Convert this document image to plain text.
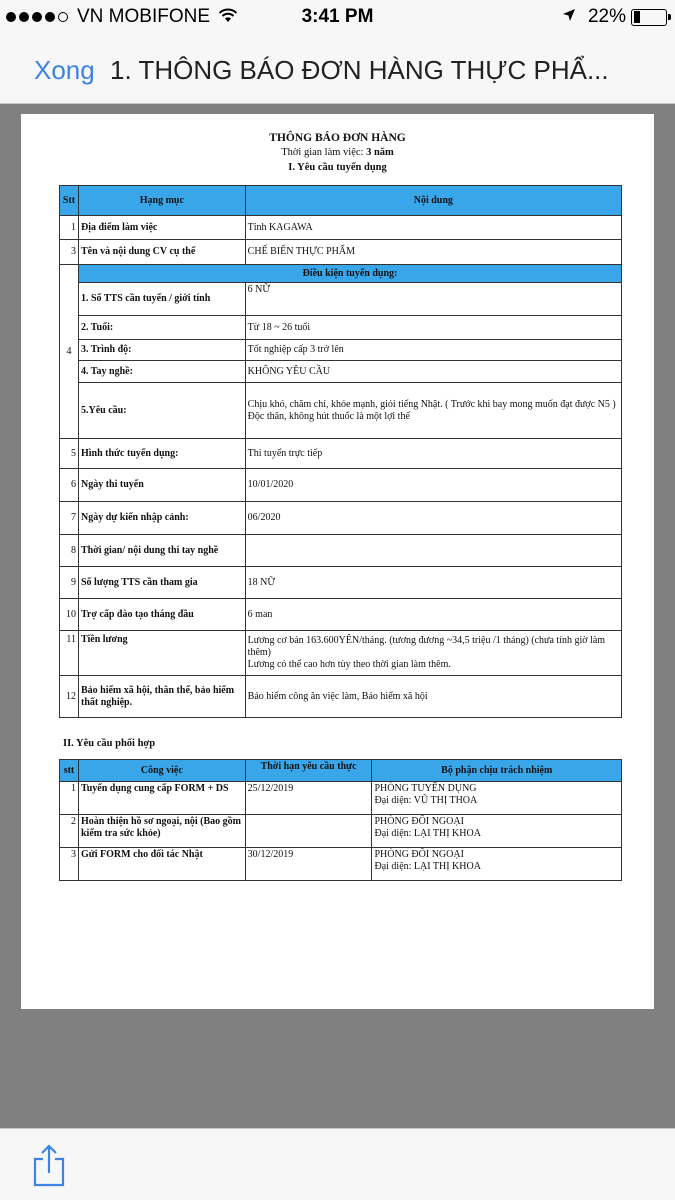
VN MOBIFONE	3:41 PM	22%
Xong 1. THÔNG BÁO ĐƠN HÀNG THỰC PHẨ...
THÔNG BÁO ĐƠN HÀNG
Thời gian làm việc: 3 năm
I. Yêu cầu tuyển dụng
Stt	Hạng mục	Nội dung
1	Địa điểm làm việc	Tỉnh KAGAWA
3	Tên và nội dung CV cụ thể	CHẾ BIẾN THỰC PHẨM
4	Điều kiện tuyển dụng:	
	1. Số TTS cần tuyển / giới tính	6 NỮ
	2. Tuổi:	Từ 18 ~ 26 tuổi
	3. Trình độ:	Tốt nghiệp cấp 3 trở lên
	4. Tay nghề:	KHÔNG YÊU CẦU
	5.Yêu cầu:	Chịu khó, chăm chỉ, khỏe mạnh, giỏi tiếng Nhật. ( Trước khi bay mong muốn đạt được N5 )
Độc thân, không hút thuốc là một lợi thế

5	Hình thức tuyển dụng:	Thi tuyển trực tiếp
6	Ngày thi tuyển	10/01/2020
7	Ngày dự kiến nhập cảnh:	06/2020
8	Thời gian/ nội dung thi tay nghề	
9	Số lượng TTS cần tham gia	18 NỮ
10	Trợ cấp đào tạo tháng đầu	6 man
11	Tiền lương	Lương cơ bản 163.600YÊN/tháng. (tương đương ~34,5 triệu /1 tháng) (chưa tính giờ làm thêm)
Lương có thể cao hơn tùy theo thời gian làm thêm.

12	Bảo hiểm xã hội, thân thể, bảo hiểm thất nghiệp.	Bảo hiểm công ăn việc làm, Bảo hiểm xã hội
II. Yêu cầu phối hợp
stt	Công việc	Thời hạn yêu cầu thực	Bộ phận chịu trách nhiệm
1	Tuyển dụng cung cấp FORM + DS	25/12/2019	PHÒNG TUYỂN DỤNG
Đại diện: VŨ THỊ THOA

2	Hoàn thiện hồ sơ ngoại, nội (Bao gồm kiểm tra sức khỏe)		PHÒNG ĐỐI NGOẠI
Đại diện: LẠI THỊ KHOA

3	Gửi FORM cho đối tác Nhật	30/12/2019	PHÒNG ĐỐI NGOẠI
Đại diện: LẠI THỊ KHOA
